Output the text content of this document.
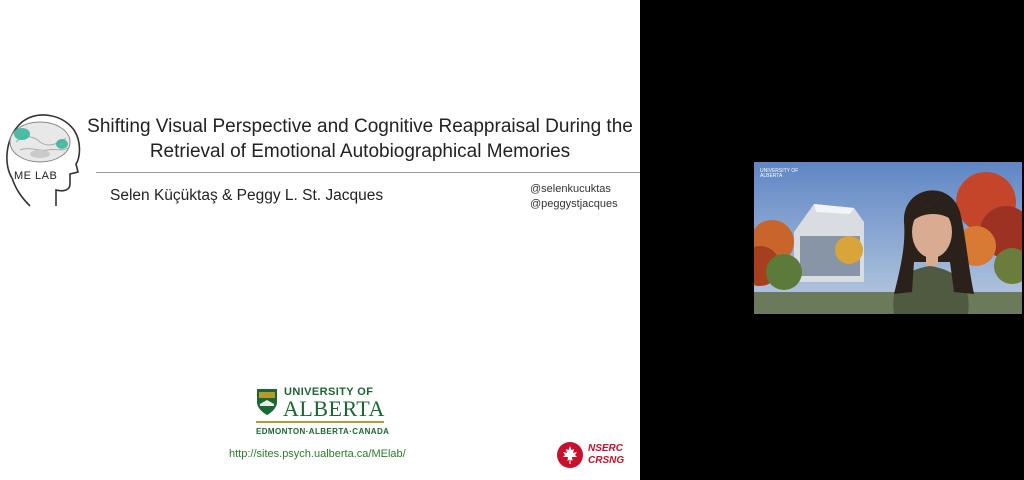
ME LAB
Shifting Visual Perspective and Cognitive Reappraisal During the
Retrieval of Emotional Autobiographical Memories
Selen Küçüktaş & Peggy L. St. Jacques	@selenkucuktas
@peggystjacques
UNIVERSITY OF
ALBERTA
EDMONTON·ALBERTA·CANADA
http://sites.psych.ualberta.ca/MElab/	NSERC
CRSNG
UNIVERSITY OF
ALBERTA
